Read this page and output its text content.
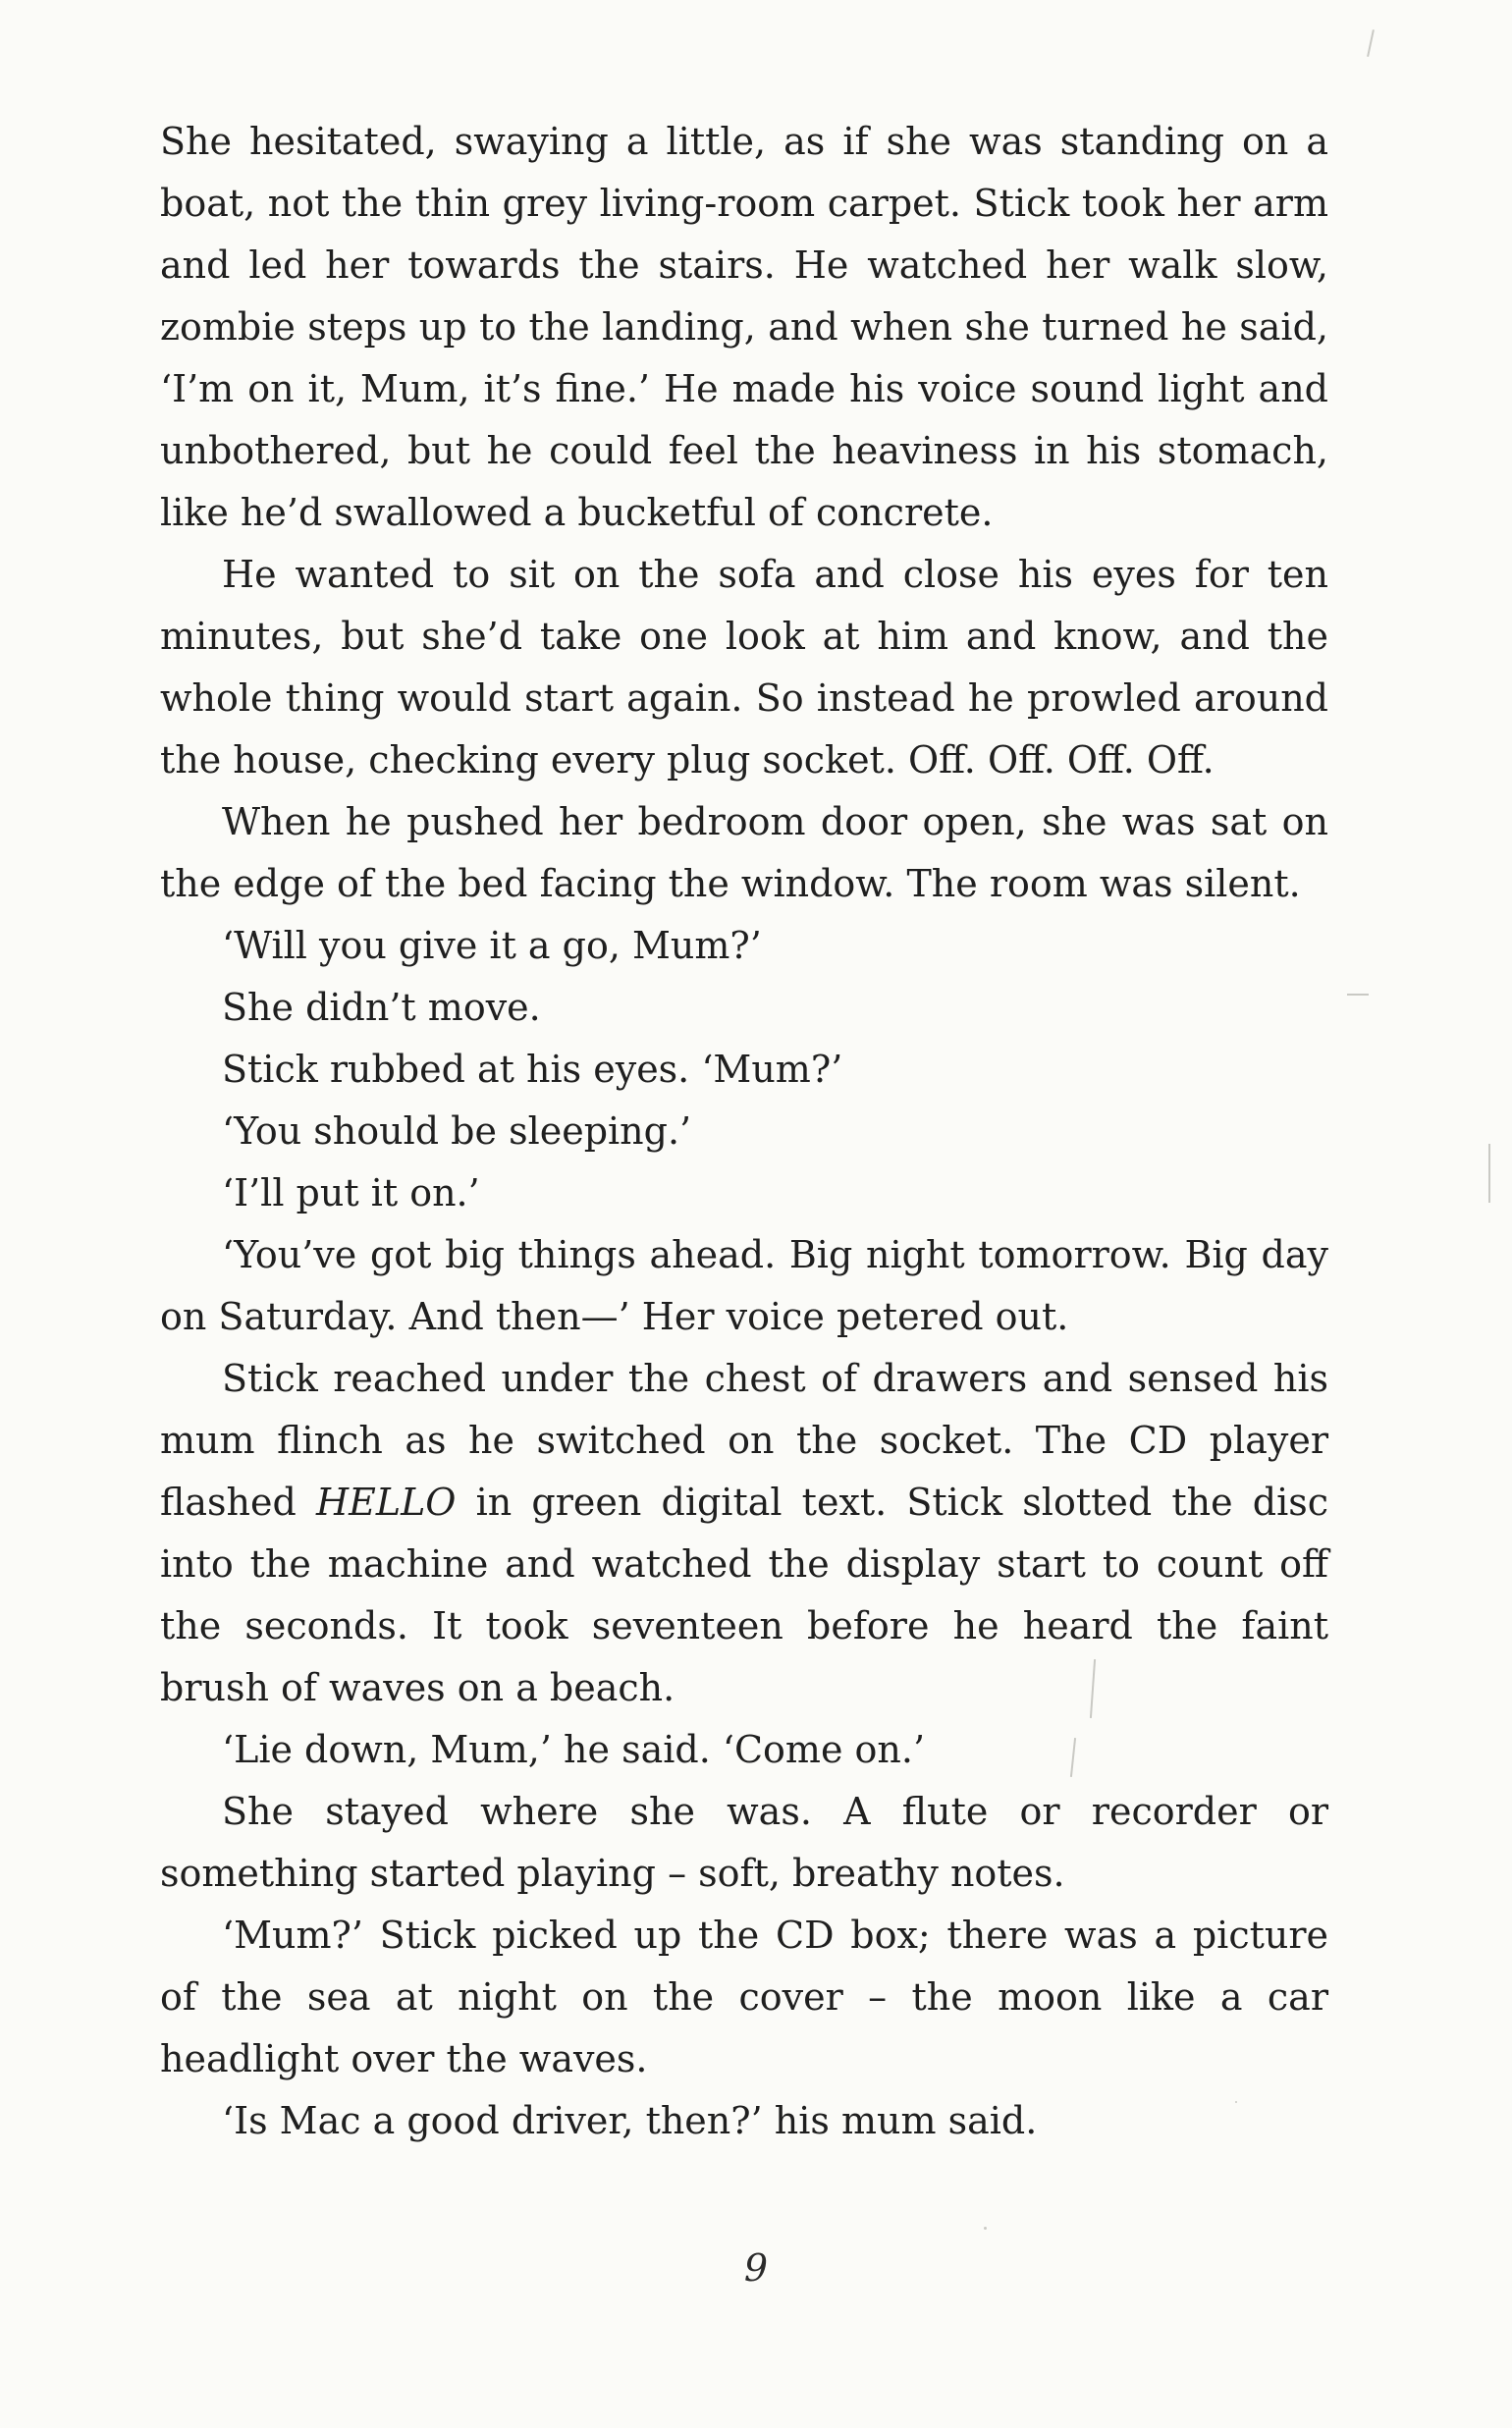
She hesitated, swaying a little, as if she was standing on a boat, not the thin grey living-room carpet. Stick took her arm and led her towards the stairs. He watched her walk slow, zombie steps up to the landing, and when she turned he said, ‘I’m on it, Mum, it’s fine.’ He made his voice sound light and unbothered, but he could feel the heaviness in his stomach, like he’d swallowed a bucketful of concrete.

He wanted to sit on the sofa and close his eyes for ten minutes, but she’d take one look at him and know, and the whole thing would start again. So instead he prowled around the house, checking every plug socket. Off. Off. Off. Off.

When he pushed her bedroom door open, she was sat on the edge of the bed facing the window. The room was silent.

‘Will you give it a go, Mum?’

She didn’t move.

Stick rubbed at his eyes. ‘Mum?’

‘You should be sleeping.’

‘I’ll put it on.’

‘You’ve got big things ahead. Big night tomorrow. Big day on Saturday. And then—’ Her voice petered out.

Stick reached under the chest of drawers and sensed his mum flinch as he switched on the socket. The CD player flashed HELLO in green digital text. Stick slotted the disc into the machine and watched the display start to count off the seconds. It took seventeen before he heard the faint brush of waves on a beach.

‘Lie down, Mum,’ he said. ‘Come on.’

She stayed where she was. A flute or recorder or something started playing – soft, breathy notes.

‘Mum?’ Stick picked up the CD box; there was a picture of the sea at night on the cover – the moon like a car headlight over the waves.

‘Is Mac a good driver, then?’ his mum said.

9
